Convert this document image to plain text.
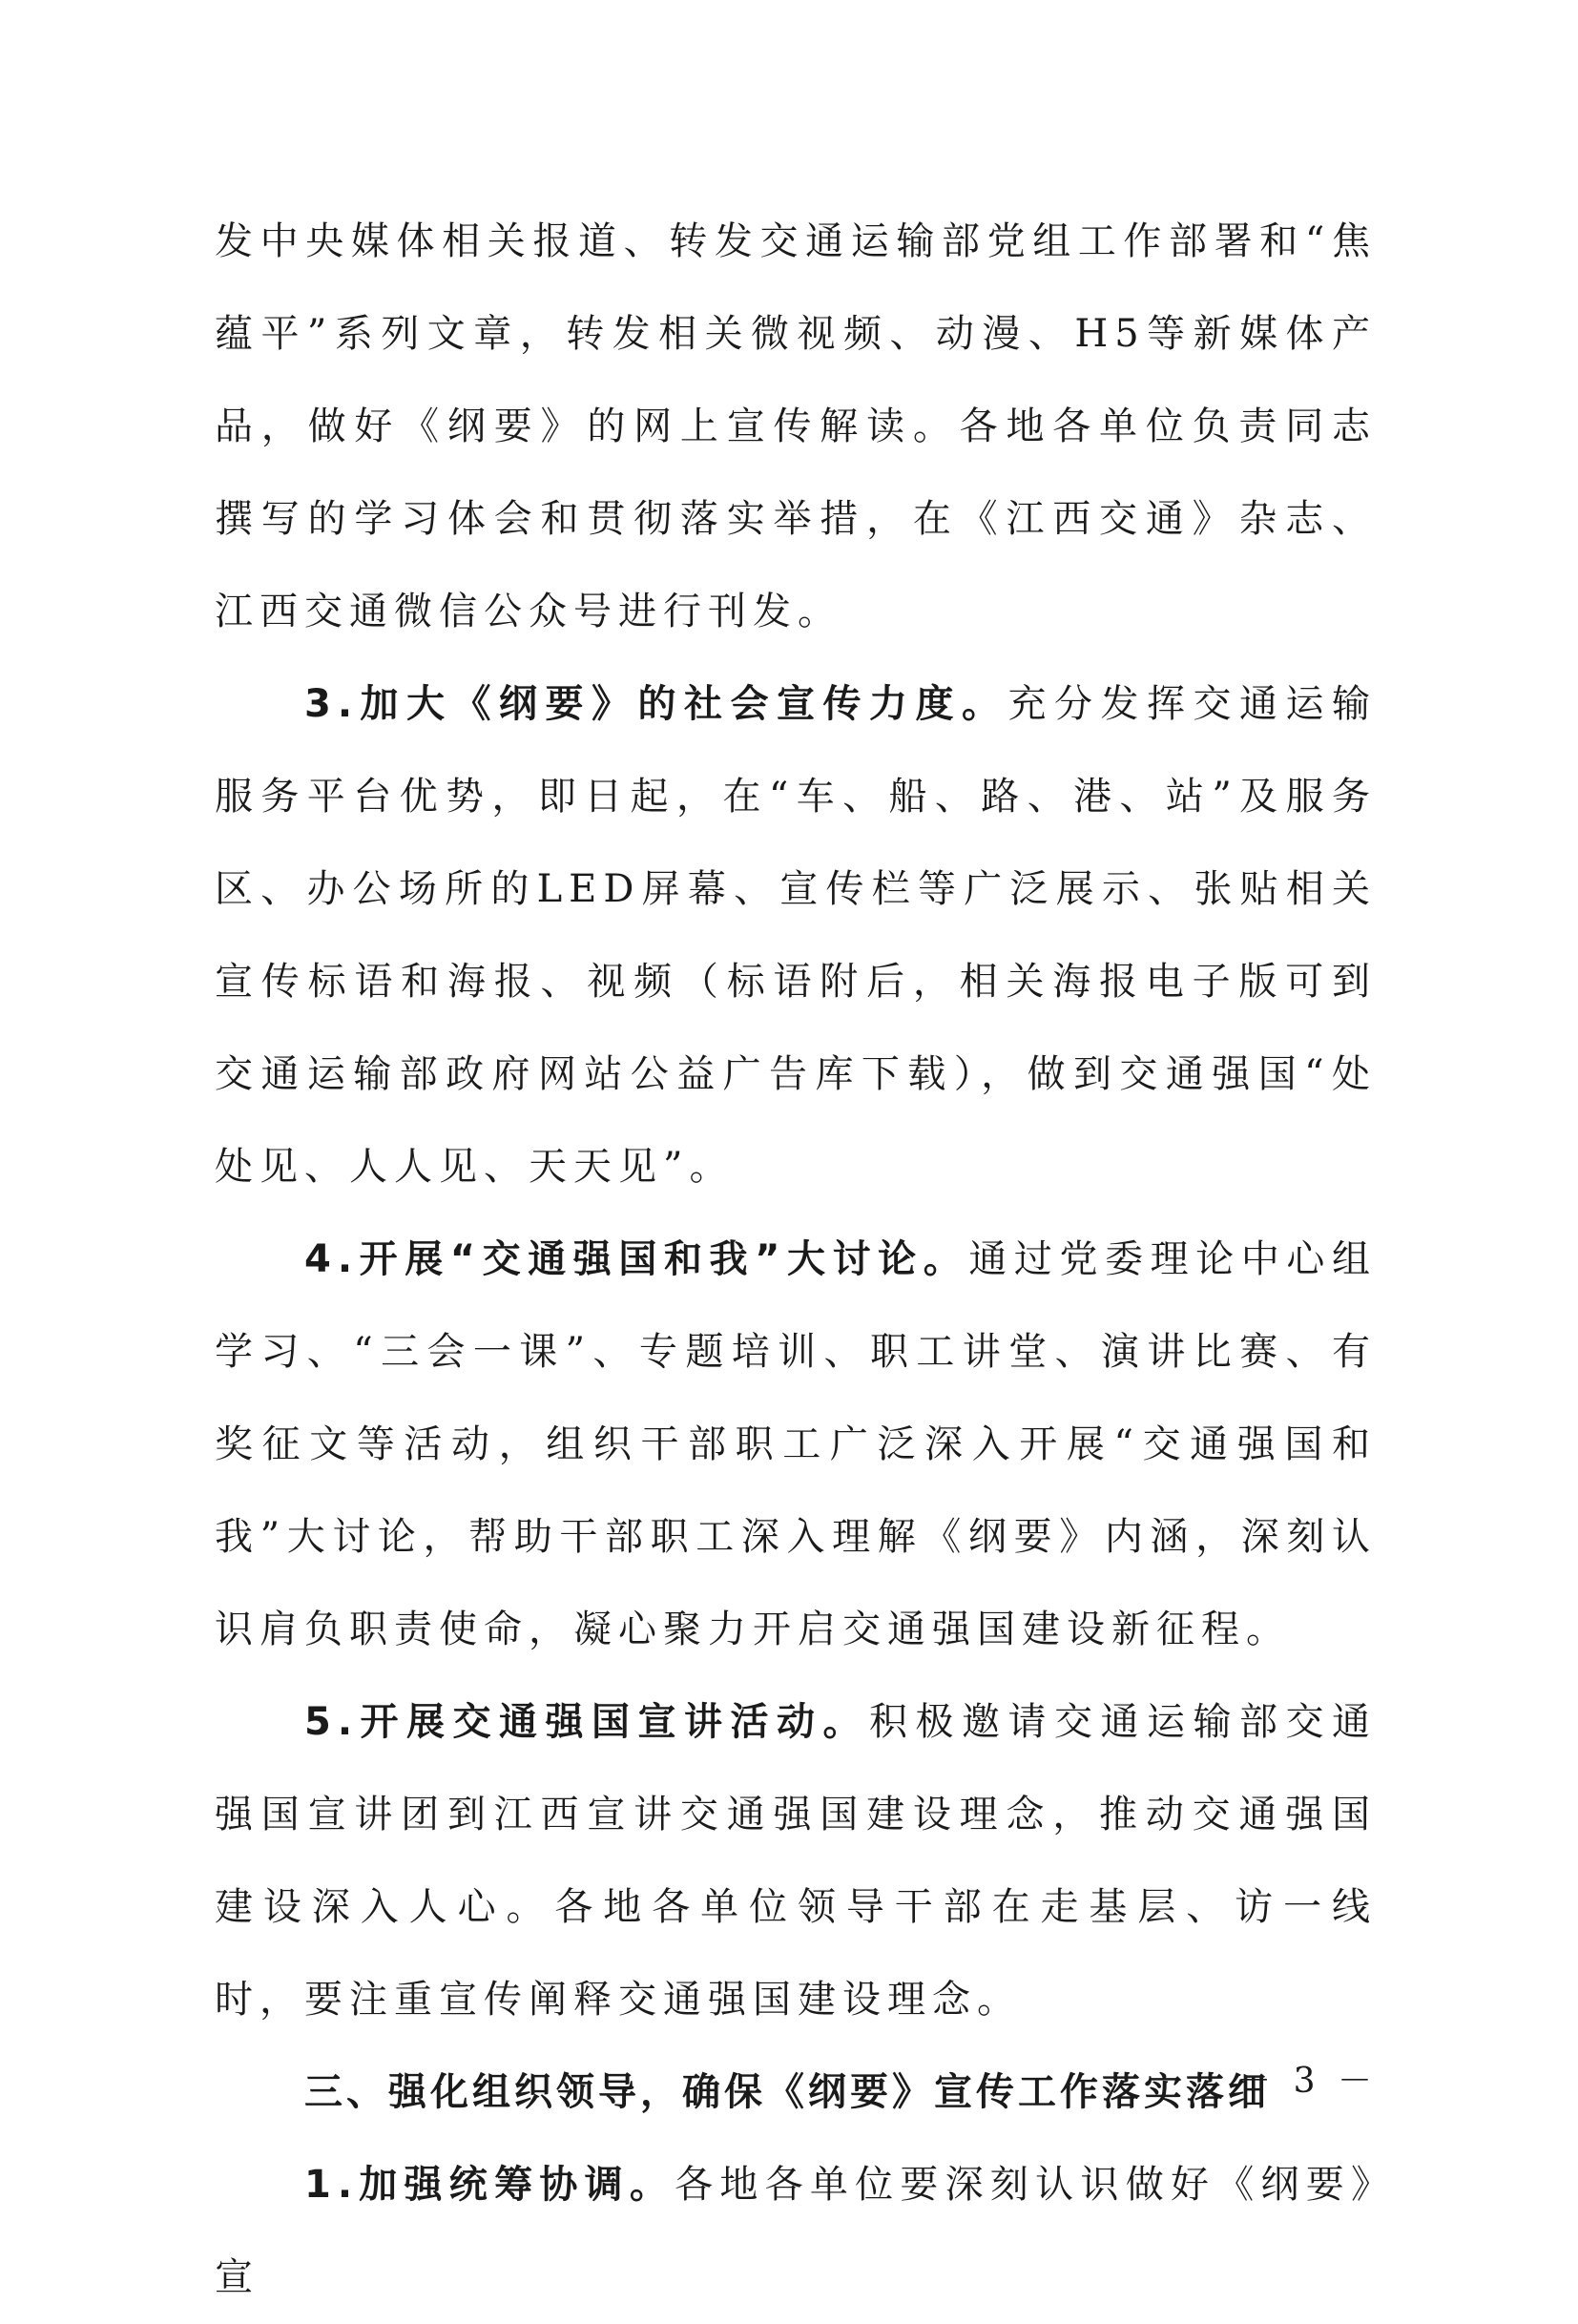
发中央媒体相关报道、转发交通运输部党组工作部署和“焦蕴平”系列文章，转发相关微视频、动漫、H5等新媒体产品，做好《纲要》的网上宣传解读。各地各单位负责同志撰写的学习体会和贯彻落实举措，在《江西交通》杂志、江西交通微信公众号进行刊发。

3.加大《纲要》的社会宣传力度。充分发挥交通运输服务平台优势，即日起，在“车、船、路、港、站”及服务区、办公场所的LED屏幕、宣传栏等广泛展示、张贴相关宣传标语和海报、视频（标语附后，相关海报电子版可到交通运输部政府网站公益广告库下载），做到交通强国“处处见、人人见、天天见”。

4.开展“交通强国和我”大讨论。通过党委理论中心组学习、“三会一课”、专题培训、职工讲堂、演讲比赛、有奖征文等活动，组织干部职工广泛深入开展“交通强国和我”大讨论，帮助干部职工深入理解《纲要》内涵，深刻认识肩负职责使命，凝心聚力开启交通强国建设新征程。

5.开展交通强国宣讲活动。积极邀请交通运输部交通强国宣讲团到江西宣讲交通强国建设理念，推动交通强国建设深入人心。各地各单位领导干部在走基层、访一线时，要注重宣传阐释交通强国建设理念。

三、强化组织领导，确保《纲要》宣传工作落实落细

1.加强统筹协调。各地各单位要深刻认识做好《纲要》宣

－ 3 －
